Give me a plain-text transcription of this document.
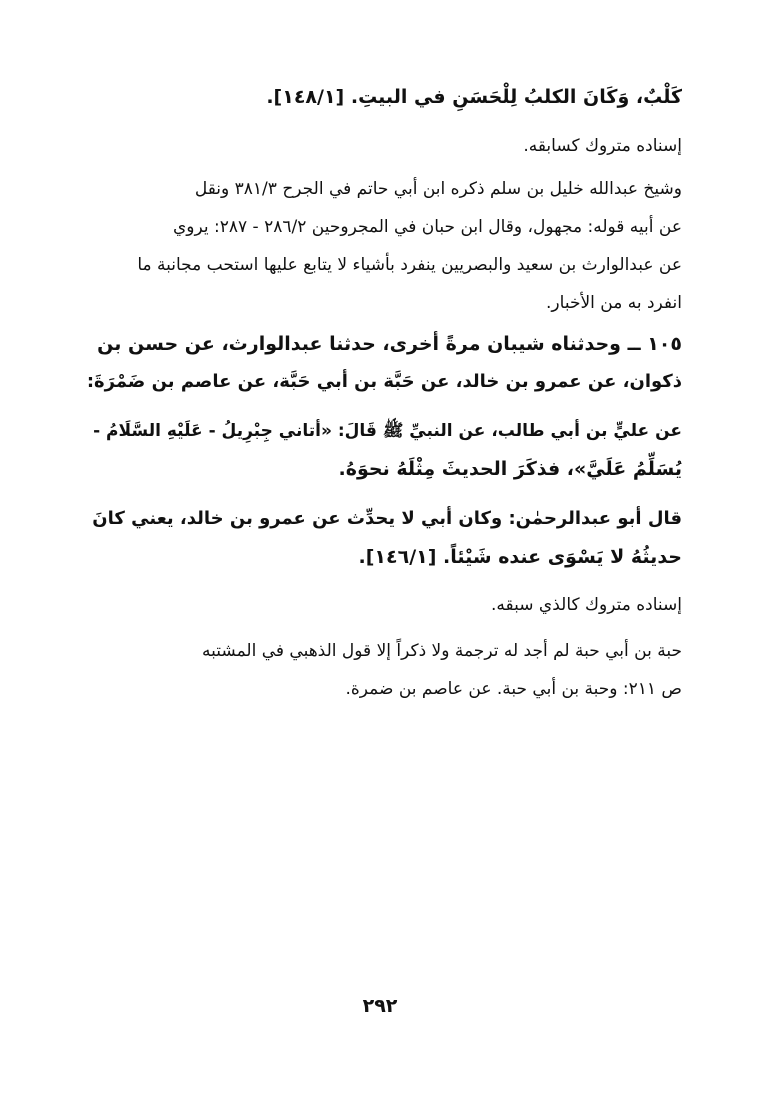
كَلْبٌ، وَكَانَ الكلبُ لِلْحَسَنِ في البيتِ. [١٤٨/١].
إسناده متروك كسابقه.
وشيخ عبدالله خليل بن سلم ذكره ابن أبي حاتم في الجرح ٣٨١/٣ ونقل
عن أبيه قوله: مجهول، وقال ابن حبان في المجروحين ٢٨٦/٢ - ٢٨٧: يروي
عن عبدالوارث بن سعيد والبصريين ينفرد بأشياء لا يتابع عليها استحب مجانبة ما
انفرد به من الأخبار.
١٠٥ ــ وحدثناه شيبان مرةً أخرى، حدثنا عبدالوارث، عن حسن بن
ذكوان، عن عمرو بن خالد، عن حَبَّة بن أبي حَبَّة، عن عاصم بن ضَمْرَةَ:
عن عليٍّ بن أبي طالب، عن النبيِّ ﷺ قَالَ: «أتاني جِبْرِيلُ - عَلَيْهِ السَّلَامُ -
يُسَلِّمُ عَلَيَّ»، فذكَرَ الحديثَ مِثْلَهُ نحوَهُ.
قال أبو عبدالرحمٰن: وكان أبي لا يحدِّث عن عمرو بن خالد، يعني كانَ
حديثُهُ لا يَسْوَى عنده شَيْئاً. [١٤٦/١].
إسناده متروك كالذي سبقه.
حبة بن أبي حبة لم أجد له ترجمة ولا ذكراً إلا قول الذهبي في المشتبه
ص ٢١١: وحبة بن أبي حبة. عن عاصم بن ضمرة.
٢٩٢
